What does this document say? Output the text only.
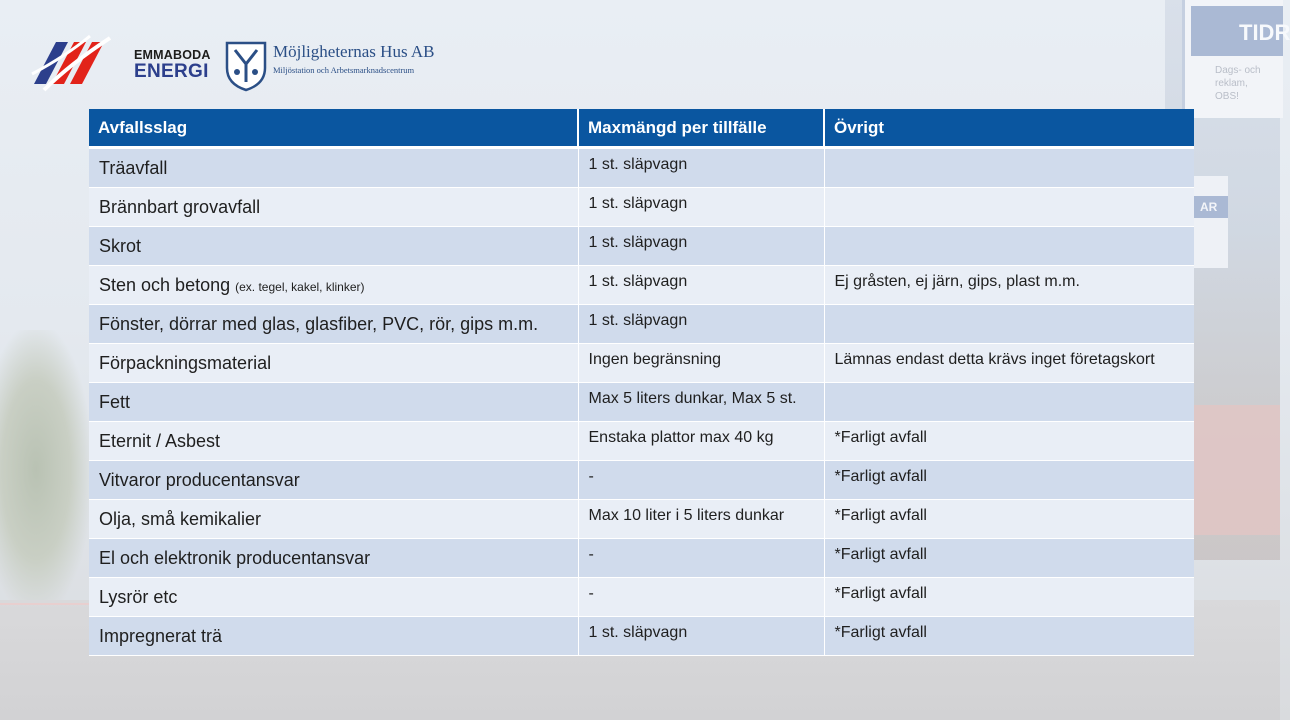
TIDR
Dags- och
reklam,
OBS!
AR
EMMABODA
ENERGI
Möjligheternas Hus AB
Miljöstation och Arbetsmarknadscentrum
Avfallsslag	Maxmängd per tillfälle	Övrigt

Träavfall	1 st. släpvagn	

Brännbart grovavfall	1 st. släpvagn	

Skrot	1 st. släpvagn	

Sten och betong (ex. tegel, kakel, klinker)	1 st. släpvagn	Ej gråsten, ej järn, gips, plast m.m.

Fönster, dörrar med glas, glasfiber, PVC, rör, gips m.m.	1 st. släpvagn	

Förpackningsmaterial	Ingen begränsning	Lämnas endast detta krävs inget företagskort

Fett	Max 5 liters dunkar, Max 5 st.	

Eternit / Asbest	Enstaka plattor max 40 kg	*Farligt avfall

Vitvaror producentansvar	-	*Farligt avfall

Olja, små kemikalier	Max 10 liter i 5 liters dunkar	*Farligt avfall

El och elektronik producentansvar	-	*Farligt avfall

Lysrör etc	-	*Farligt avfall

Impregnerat trä	1 st. släpvagn	*Farligt avfall
